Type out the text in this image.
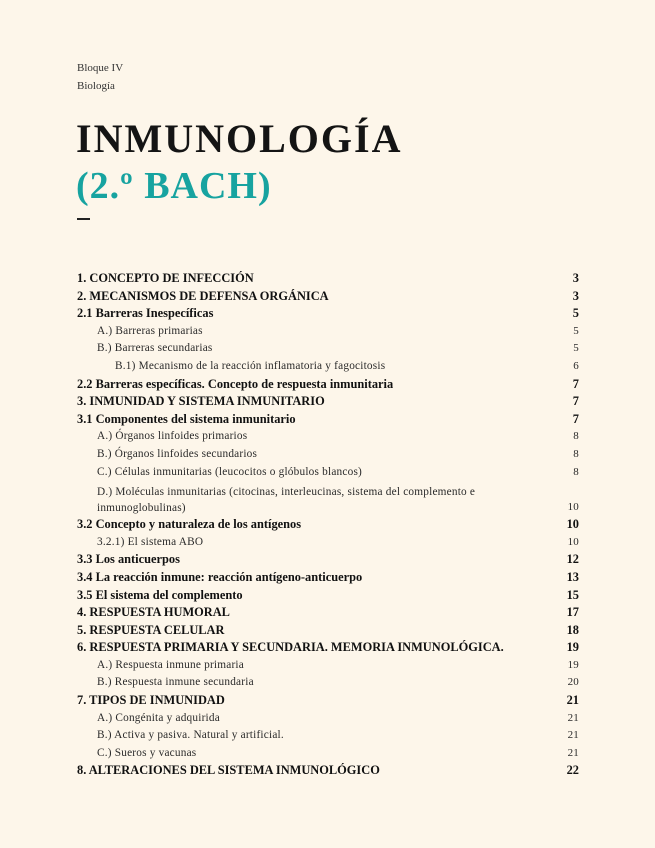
Bloque IV
Biología
INMUNOLOGÍA
(2.º BACH)
1. CONCEPTO DE INFECCIÓN	3
2. MECANISMOS DE DEFENSA ORGÁNICA	3
2.1 Barreras Inespecíficas	5
A.) Barreras primarias	5
B.) Barreras secundarias	5
B.1) Mecanismo de la reacción inflamatoria y fagocitosis	6
2.2 Barreras específicas. Concepto de respuesta inmunitaria	7
3. INMUNIDAD Y SISTEMA INMUNITARIO	7
3.1 Componentes del sistema inmunitario	7
A.) Órganos linfoides primarios	8
B.) Órganos linfoides secundarios	8
C.) Células inmunitarias (leucocitos o glóbulos blancos)	8
D.) Moléculas inmunitarias (citocinas, interleucinas, sistema del complemento e inmunoglobulinas)	10
3.2 Concepto y naturaleza de los antígenos	10
3.2.1) El sistema ABO	10
3.3 Los anticuerpos	12
3.4 La reacción inmune: reacción antígeno-anticuerpo	13
3.5 El sistema del complemento	15
4. RESPUESTA HUMORAL	17
5. RESPUESTA CELULAR	18
6. RESPUESTA PRIMARIA Y SECUNDARIA. MEMORIA INMUNOLÓGICA.	19
A.) Respuesta inmune primaria	19
B.) Respuesta inmune secundaria	20
7. TIPOS DE INMUNIDAD	21
A.) Congénita y adquirida	21
B.) Activa y pasiva. Natural y artificial.	21
C.) Sueros y vacunas	21
8. ALTERACIONES DEL SISTEMA INMUNOLÓGICO	22
